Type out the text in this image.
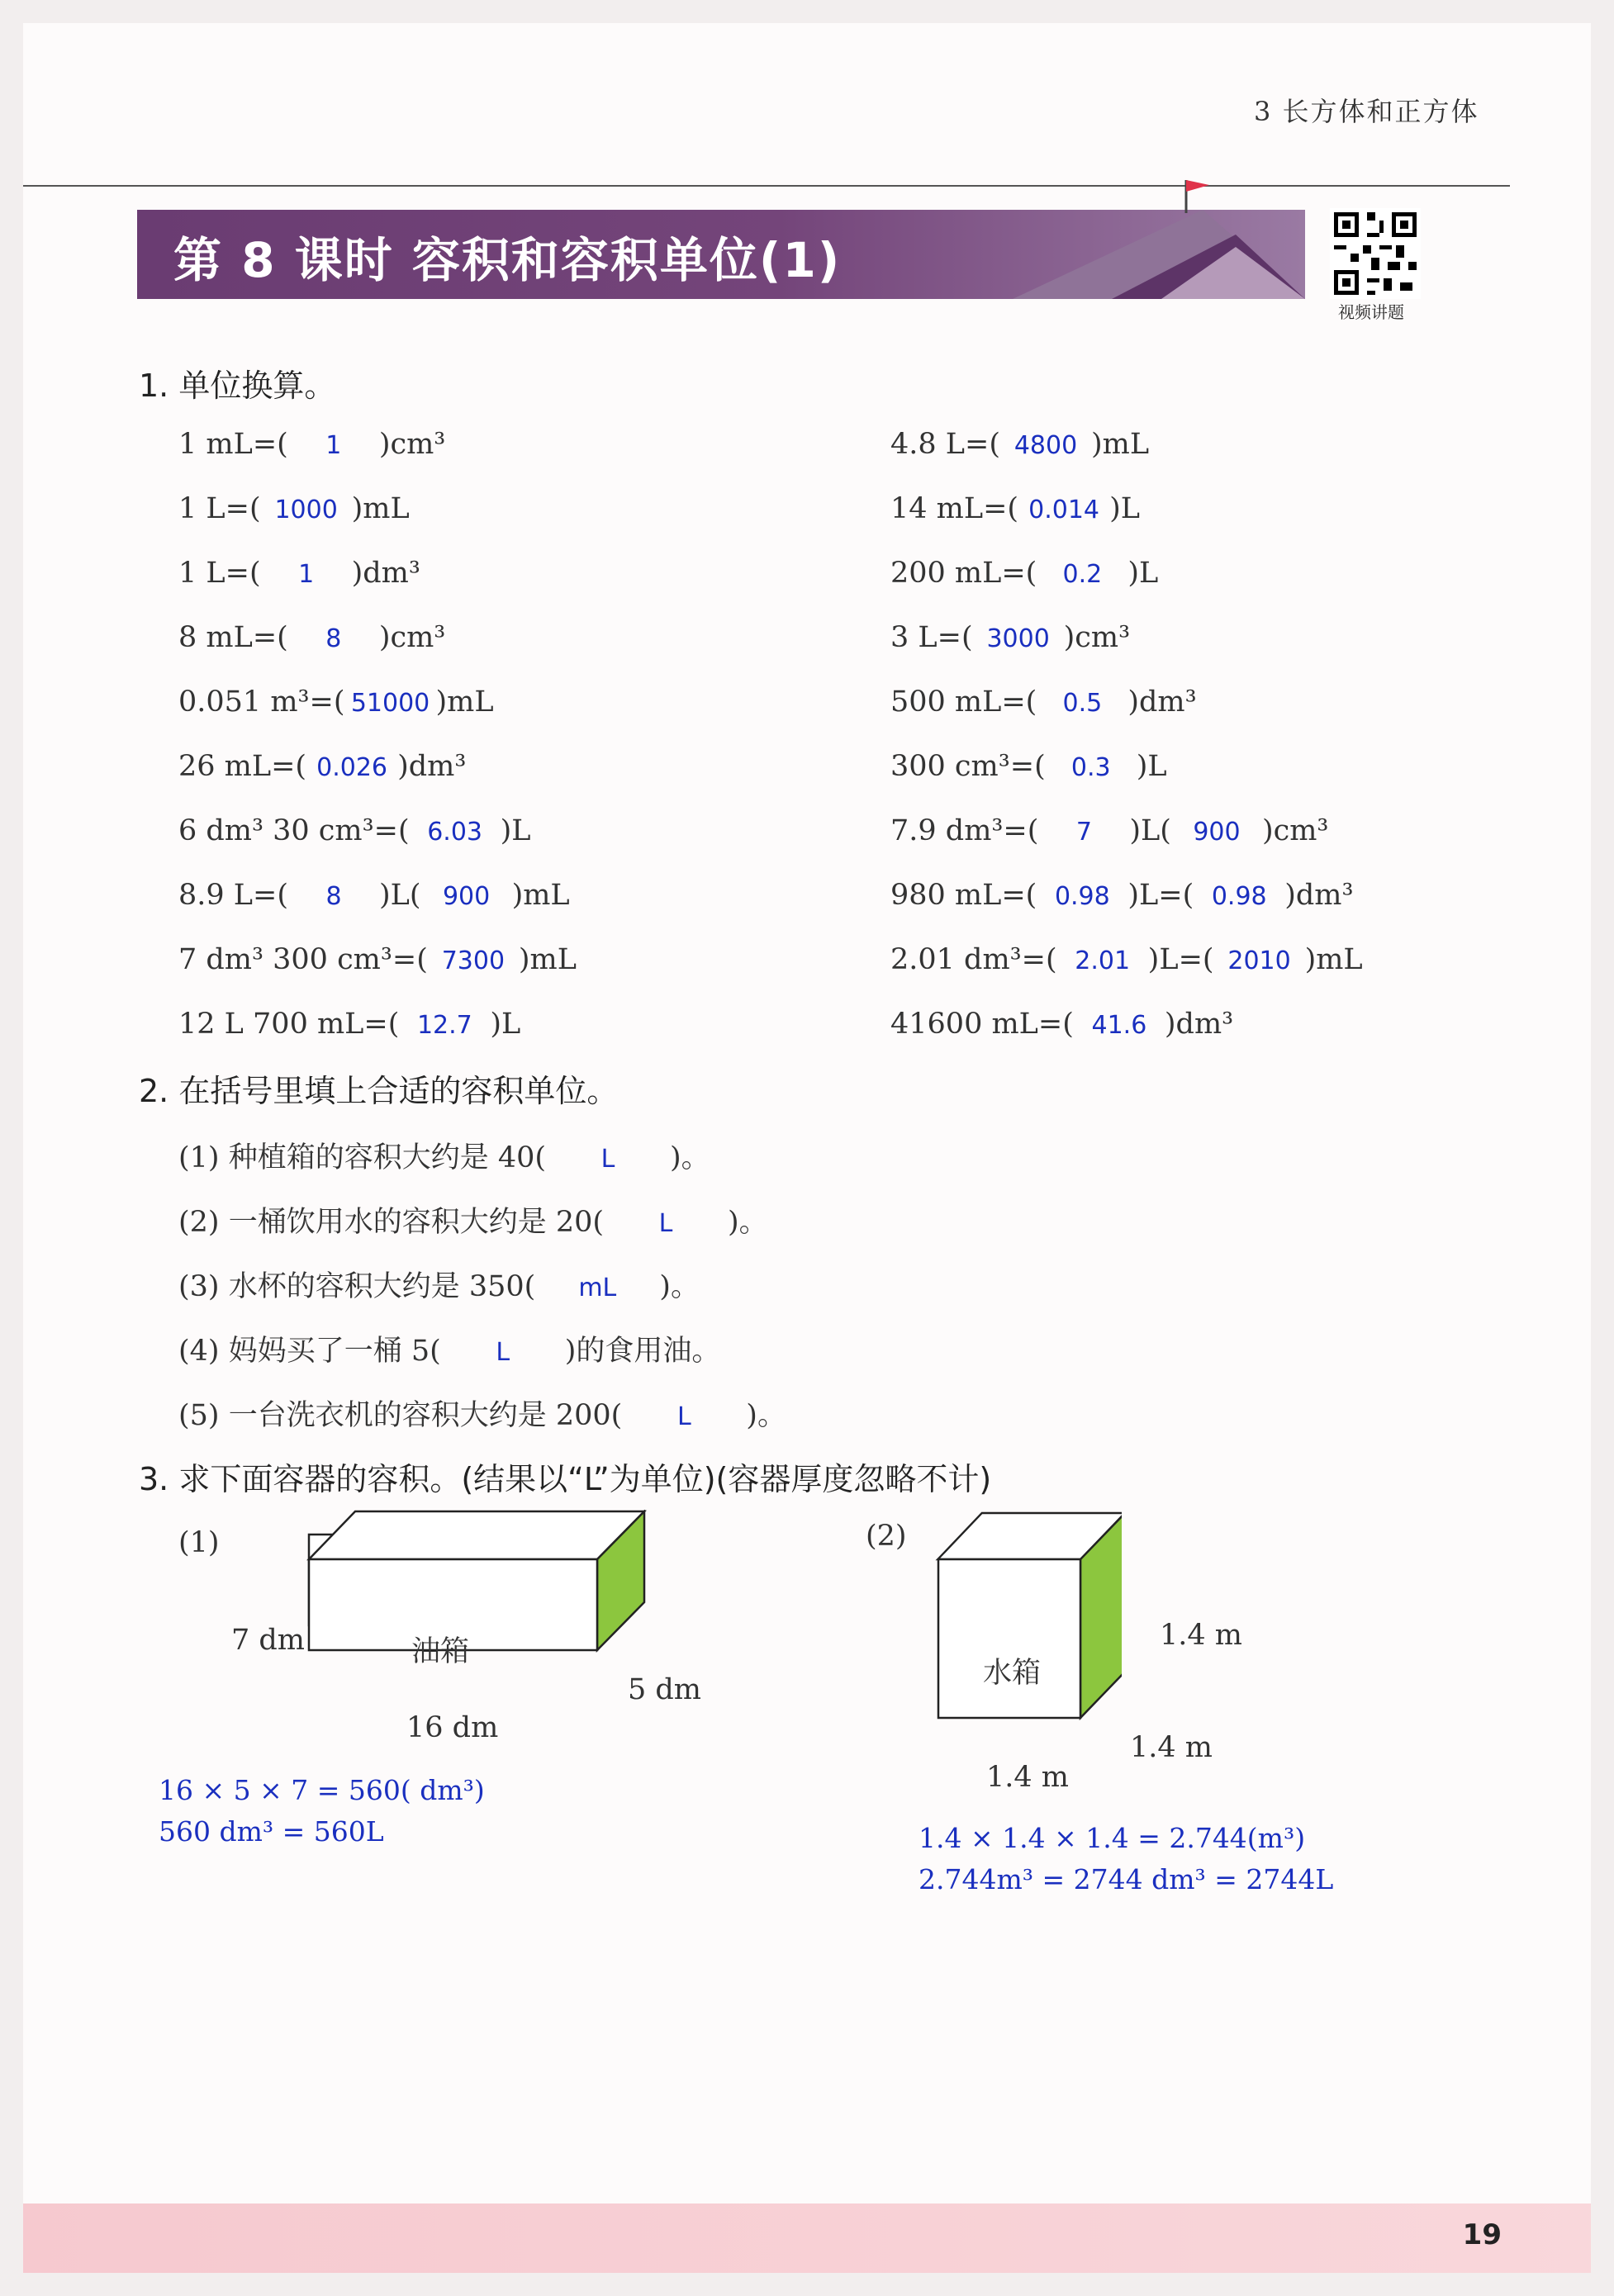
3 长方体和正方体
第 8 课时 容积和容积单位(1)
视频讲题
1. 单位换算。
1 mL=( 1 )cm³
1 L=( 1000 )mL
1 L=( 1 )dm³
8 mL=( 8 )cm³
0.051 m³=( 51000 )mL
26 mL=( 0.026 )dm³
6 dm³ 30 cm³=( 6.03 )L
8.9 L=( 8 )L( 900 )mL
7 dm³ 300 cm³=( 7300 )mL
12 L 700 mL=( 12.7 )L
4.8 L=( 4800 )mL
14 mL=( 0.014 )L
200 mL=( 0.2 )L
3 L=( 3000 )cm³
500 mL=( 0.5 )dm³
300 cm³=( 0.3 )L
7.9 dm³=( 7 )L( 900 )cm³
980 mL=( 0.98 )L=( 0.98 )dm³
2.01 dm³=( 2.01 )L=( 2010 )mL
41600 mL=( 41.6 )dm³
2. 在括号里填上合适的容积单位。
(1) 种植箱的容积大约是 40( L )。
(2) 一桶饮用水的容积大约是 20( L )。
(3) 水杯的容积大约是 350( mL )。
(4) 妈妈买了一桶 5( L )的食用油。
(5) 一台洗衣机的容积大约是 200( L )。
3. 求下面容器的容积。(结果以“L”为单位)(容器厚度忽略不计)
(1)
油箱
7 dm
16 dm
5 dm
16 × 5 × 7 = 560( dm³)
560 dm³ = 560L
(2)
水箱
1.4 m
1.4 m
1.4 m
1.4 × 1.4 × 1.4 = 2.744(m³)
2.744m³ = 2744 dm³ = 2744L
19
